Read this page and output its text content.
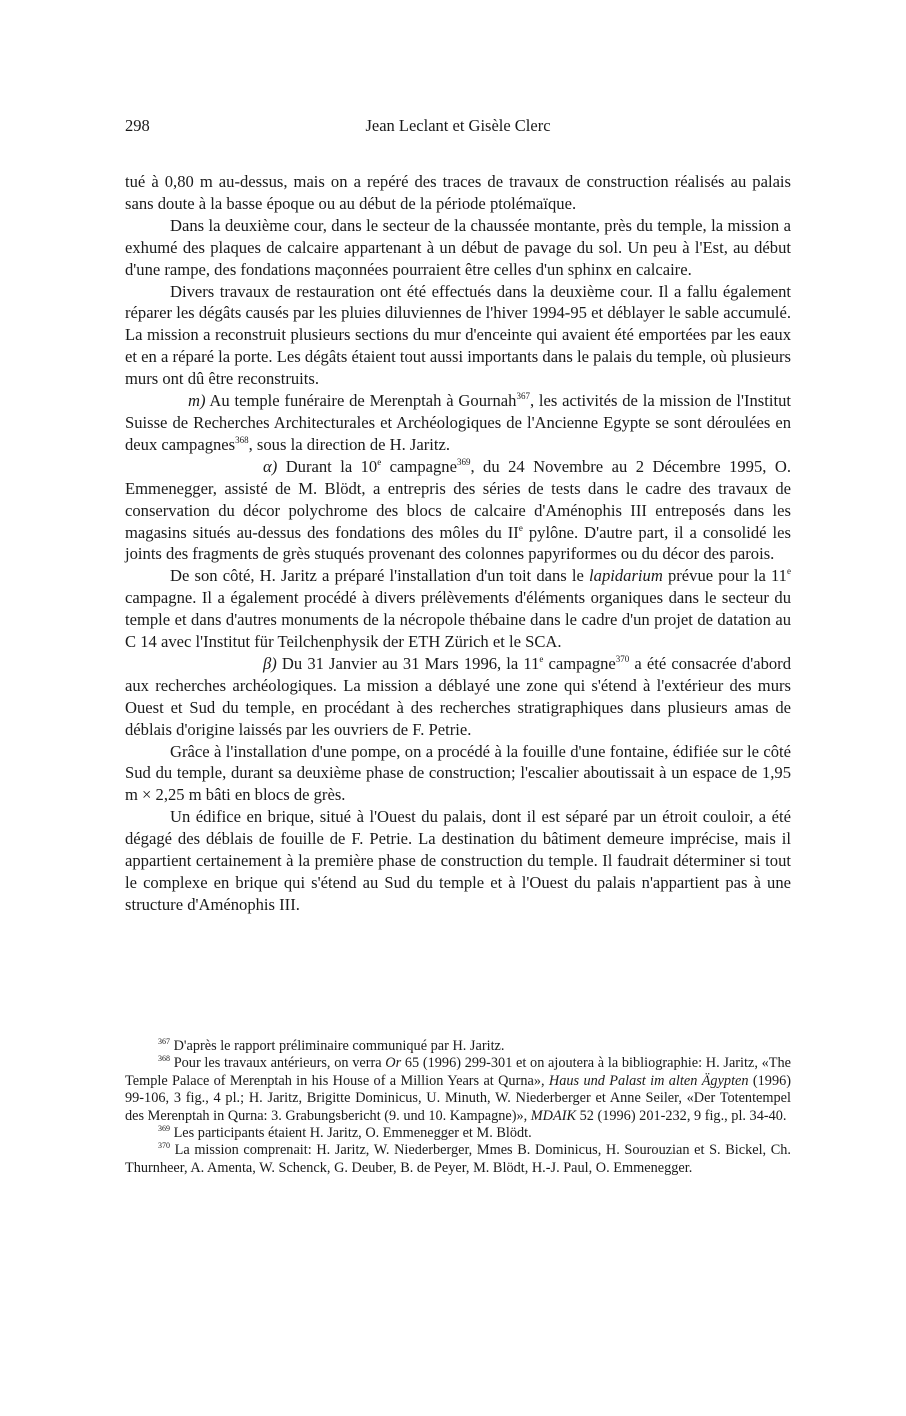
298	Jean Leclant et Gisèle Clerc

tué à 0,80 m au-dessus, mais on a repéré des traces de travaux de construction réalisés au palais sans doute à la basse époque ou au début de la période ptolémaïque.

Dans la deuxième cour, dans le secteur de la chaussée montante, près du temple, la mission a exhumé des plaques de calcaire appartenant à un début de pavage du sol. Un peu à l'Est, au début d'une rampe, des fondations maçonnées pourraient être celles d'un sphinx en calcaire.

Divers travaux de restauration ont été effectués dans la deuxième cour. Il a fallu également réparer les dégâts causés par les pluies diluviennes de l'hiver 1994-95 et déblayer le sable accumulé. La mission a reconstruit plusieurs sections du mur d'enceinte qui avaient été emportées par les eaux et en a réparé la porte. Les dégâts étaient tout aussi importants dans le palais du temple, où plusieurs murs ont dû être reconstruits.

m) Au temple funéraire de Merenptah à Gournah$^{367}$, les activités de la mission de l'Institut Suisse de Recherches Architecturales et Archéologiques de l'Ancienne Egypte se sont déroulées en deux campagnes$^{368}$, sous la direction de H. Jaritz.

α) Durant la 10e campagne$^{369}$, du 24 Novembre au 2 Décembre 1995, O. Emmenegger, assisté de M. Blödt, a entrepris des séries de tests dans le cadre des travaux de conservation du décor polychrome des blocs de calcaire d'Aménophis III entreposés dans les magasins situés au-dessus des fondations des môles du IIe pylône. D'autre part, il a consolidé les joints des fragments de grès stuqués provenant des colonnes papyriformes ou du décor des parois.

De son côté, H. Jaritz a préparé l'installation d'un toit dans le lapidarium prévue pour la 11e campagne. Il a également procédé à divers prélèvements d'éléments organiques dans le secteur du temple et dans d'autres monuments de la nécropole thébaine dans le cadre d'un projet de datation au C 14 avec l'Institut für Teilchenphysik der ETH Zürich et le SCA.

β) Du 31 Janvier au 31 Mars 1996, la 11e campagne$^{370}$ a été consacrée d'abord aux recherches archéologiques. La mission a déblayé une zone qui s'étend à l'extérieur des murs Ouest et Sud du temple, en procédant à des recherches stratigraphiques dans plusieurs amas de déblais d'origine laissés par les ouvriers de F. Petrie.

Grâce à l'installation d'une pompe, on a procédé à la fouille d'une fontaine, édifiée sur le côté Sud du temple, durant sa deuxième phase de construction; l'escalier aboutissait à un espace de 1,95 m × 2,25 m bâti en blocs de grès.

Un édifice en brique, situé à l'Ouest du palais, dont il est séparé par un étroit couloir, a été dégagé des déblais de fouille de F. Petrie. La destination du bâtiment demeure imprécise, mais il appartient certainement à la première phase de construction du temple. Il faudrait déterminer si tout le complexe en brique qui s'étend au Sud du temple et à l'Ouest du palais n'appartient pas à une structure d'Aménophis III.

$^{367}$ D'après le rapport préliminaire communiqué par H. Jaritz.

$^{368}$ Pour les travaux antérieurs, on verra Or 65 (1996) 299-301 et on ajoutera à la bibliographie: H. Jaritz, «The Temple Palace of Merenptah in his House of a Million Years at Qurna», Haus und Palast im alten Ägypten (1996) 99-106, 3 fig., 4 pl.; H. Jaritz, Brigitte Dominicus, U. Minuth, W. Niederberger et Anne Seiler, «Der Totentempel des Merenptah in Qurna: 3. Grabungsbericht (9. und 10. Kampagne)», MDAIK 52 (1996) 201-232, 9 fig., pl. 34-40.

$^{369}$ Les participants étaient H. Jaritz, O. Emmenegger et M. Blödt.

$^{370}$ La mission comprenait: H. Jaritz, W. Niederberger, Mmes B. Dominicus, H. Sourouzian et S. Bickel, Ch. Thurnheer, A. Amenta, W. Schenck, G. Deuber, B. de Peyer, M. Blödt, H.-J. Paul, O. Emmenegger.
